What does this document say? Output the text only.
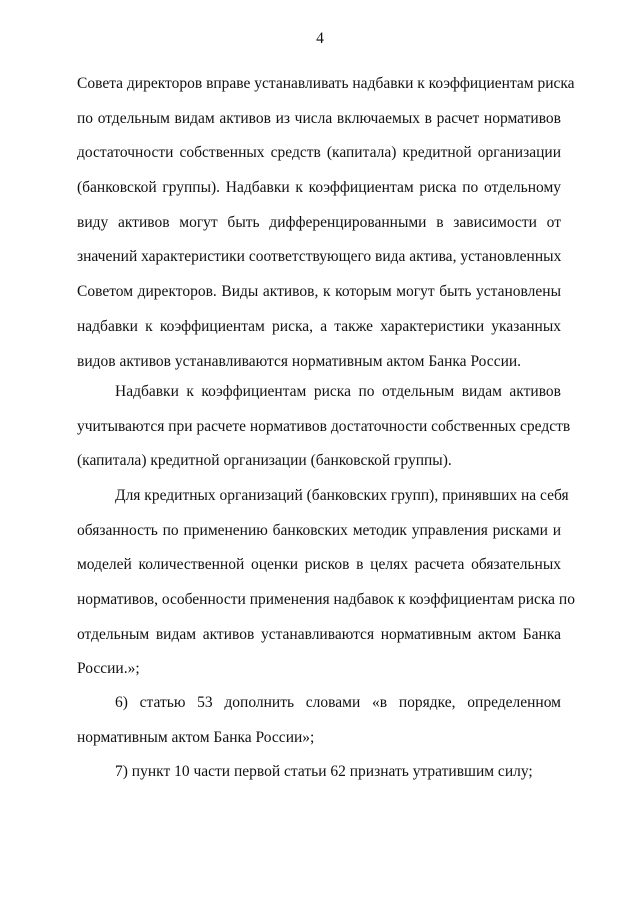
4
Совета директоров вправе устанавливать надбавки к коэффициентам риска
по отдельным видам активов из числа включаемых в расчет нормативов
достаточности собственных средств (капитала) кредитной организации
(банковской группы). Надбавки к коэффициентам риска по отдельному
виду активов могут быть дифференцированными в зависимости от
значений характеристики соответствующего вида актива, установленных
Советом директоров. Виды активов, к которым могут быть установлены
надбавки к коэффициентам риска, а также характеристики указанных
видов активов устанавливаются нормативным актом Банка России.
Надбавки к коэффициентам риска по отдельным видам активов
учитываются при расчете нормативов достаточности собственных средств
(капитала) кредитной организации (банковской группы).
Для кредитных организаций (банковских групп), принявших на себя
обязанность по применению банковских методик управления рисками и
моделей количественной оценки рисков в целях расчета обязательных
нормативов, особенности применения надбавок к коэффициентам риска по
отдельным видам активов устанавливаются нормативным актом Банка
России.»;
6) статью 53 дополнить словами «в порядке, определенном
нормативным актом Банка России»;
7) пункт 10 части первой статьи 62 признать утратившим силу;
